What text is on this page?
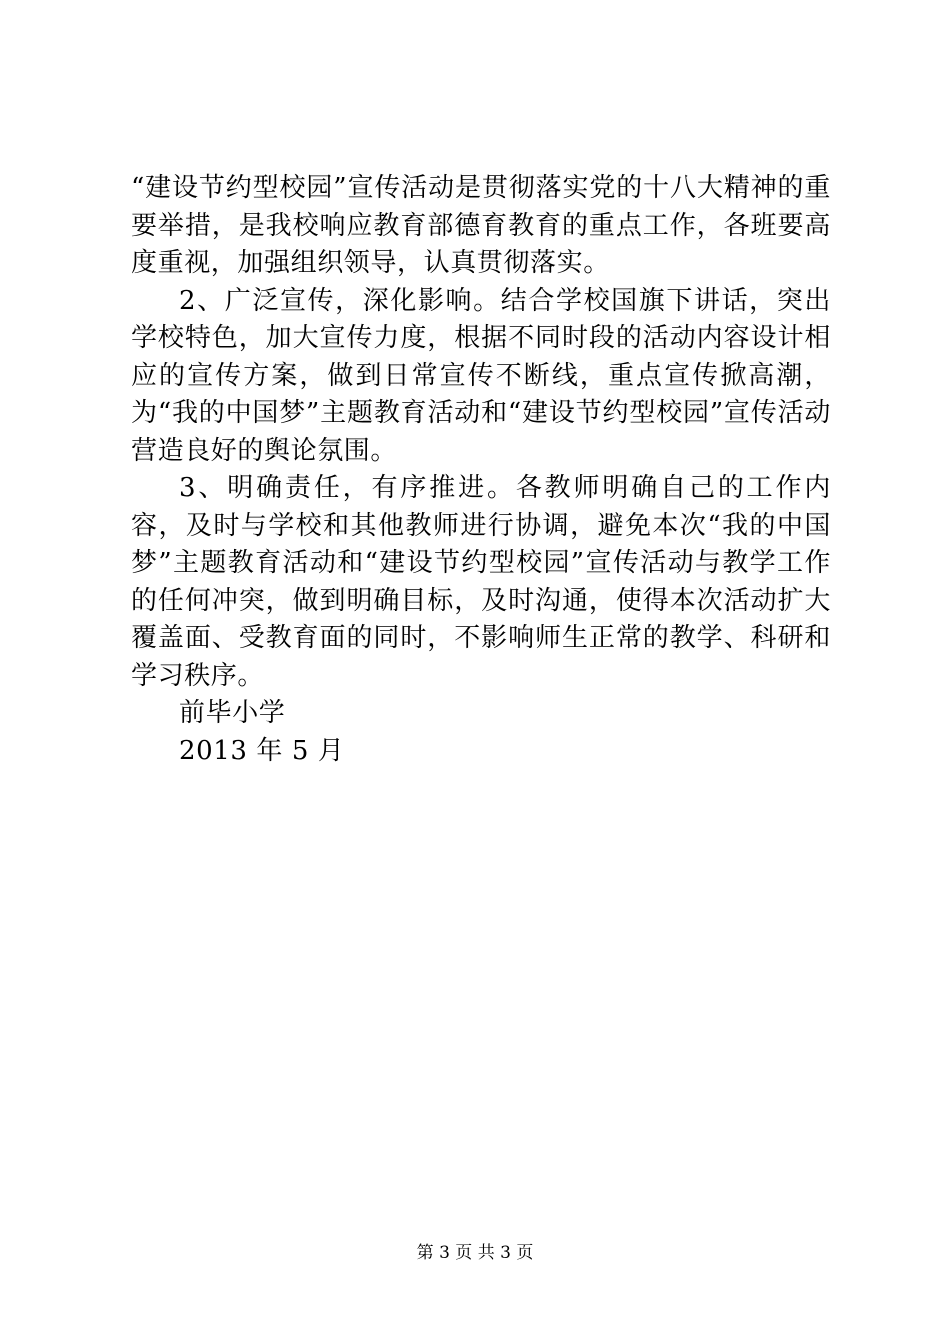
“建设节约型校园”宣传活动是贯彻落实党的十八大精神的重要举措，是我校响应教育部德育教育的重点工作，各班要高度重视，加强组织领导，认真贯彻落实。

2、广泛宣传，深化影响。结合学校国旗下讲话，突出学校特色，加大宣传力度，根据不同时段的活动内容设计相应的宣传方案，做到日常宣传不断线，重点宣传掀高潮，为“我的中国梦”主题教育活动和“建设节约型校园”宣传活动营造良好的舆论氛围。

3、明确责任，有序推进。各教师明确自己的工作内容，及时与学校和其他教师进行协调，避免本次“我的中国梦”主题教育活动和“建设节约型校园”宣传活动与教学工作的任何冲突，做到明确目标，及时沟通，使得本次活动扩大覆盖面、受教育面的同时，不影响师生正常的教学、科研和学习秩序。

前毕小学

2013 年 5 月

第 3 页 共 3 页
